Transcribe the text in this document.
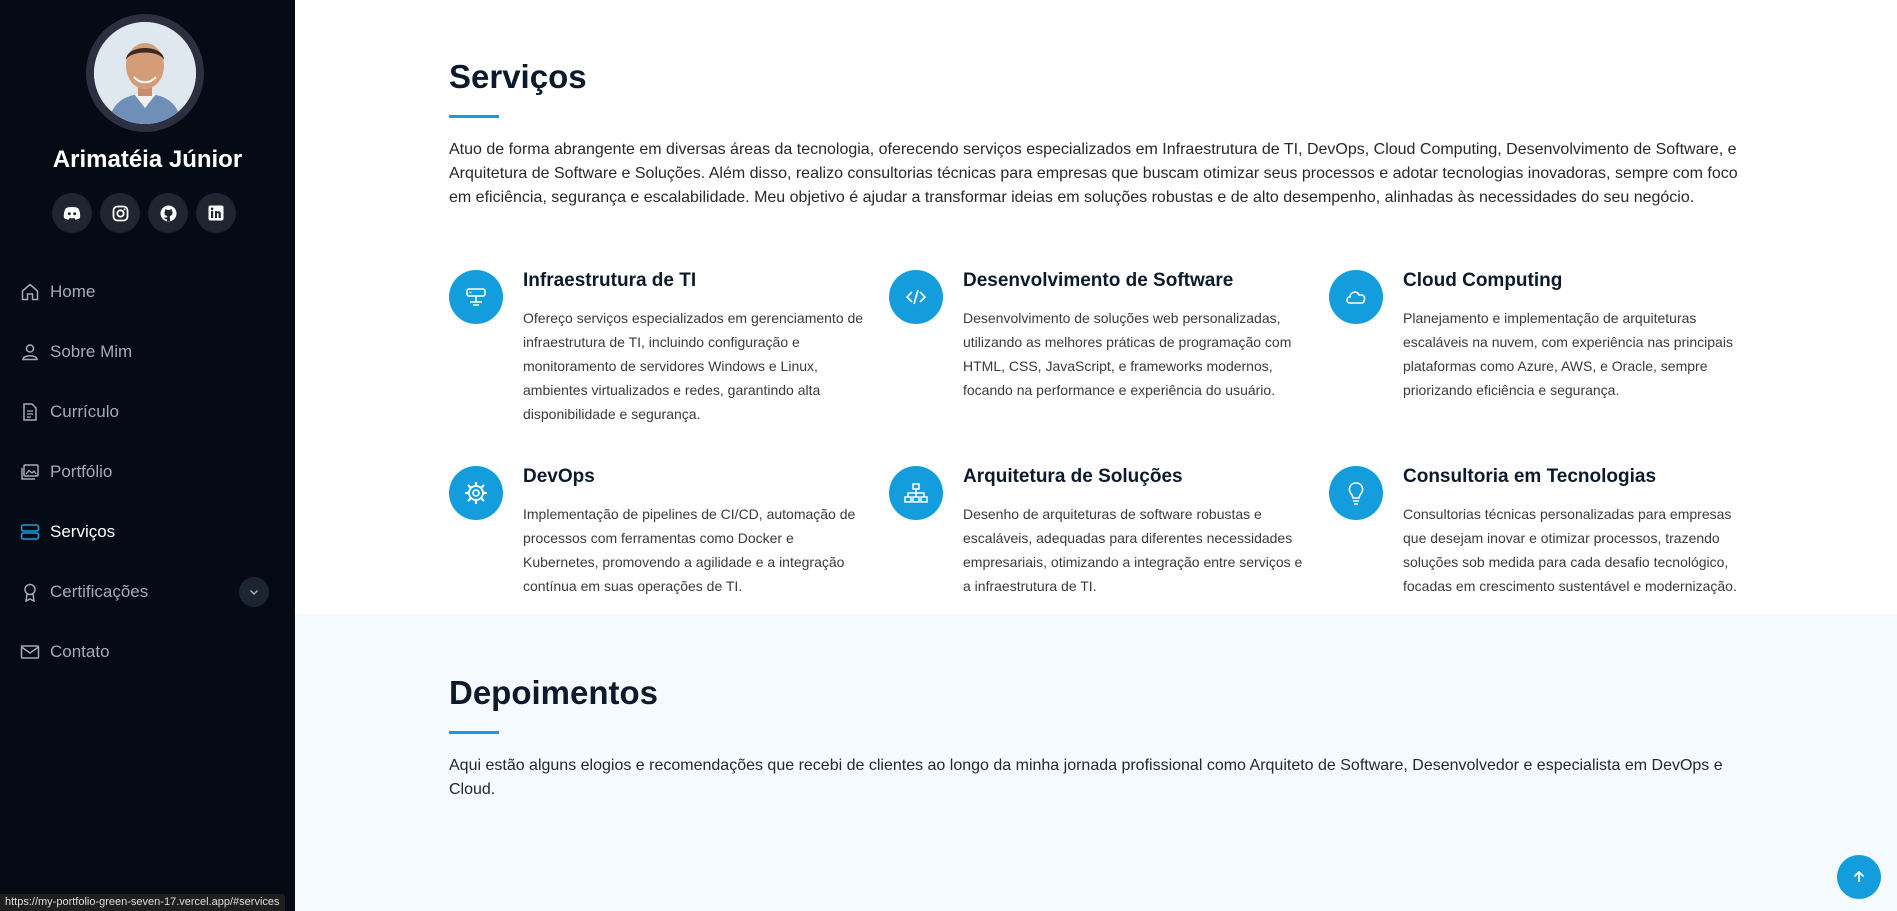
Arimatéia Júnior
Home
Sobre Mim
Currículo
Portfólio
Serviços
Certificações
Contato
Serviços

Atuo de forma abrangente em diversas áreas da tecnologia, oferecendo serviços especializados em Infraestrutura de TI, DevOps, Cloud Computing, Desenvolvimento de Software, e Arquitetura de Software e Soluções. Além disso, realizo consultorias técnicas para empresas que buscam otimizar seus processos e adotar tecnologias inovadoras, sempre com foco em eficiência, segurança e escalabilidade. Meu objetivo é ajudar a transformar ideias em soluções robustas e de alto desempenho, alinhadas às necessidades do seu negócio.

Infraestrutura de TI
Ofereço serviços especializados em gerenciamento de infraestrutura de TI, incluindo configuração e monitoramento de servidores Windows e Linux, ambientes virtualizados e redes, garantindo alta disponibilidade e segurança.
Desenvolvimento de Software
Desenvolvimento de soluções web personalizadas, utilizando as melhores práticas de programação com HTML, CSS, JavaScript, e frameworks modernos, focando na performance e experiência do usuário.
Cloud Computing
Planejamento e implementação de arquiteturas escaláveis na nuvem, com experiência nas principais plataformas como Azure, AWS, e Oracle, sempre priorizando eficiência e segurança.
DevOps
Implementação de pipelines de CI/CD, automação de processos com ferramentas como Docker e Kubernetes, promovendo a agilidade e a integração contínua em suas operações de TI.
Arquitetura de Soluções
Desenho de arquiteturas de software robustas e escaláveis, adequadas para diferentes necessidades empresariais, otimizando a integração entre serviços e a infraestrutura de TI.
Consultoria em Tecnologias
Consultorias técnicas personalizadas para empresas que desejam inovar e otimizar processos, trazendo soluções sob medida para cada desafio tecnológico, focadas em crescimento sustentável e modernização.
Depoimentos

Aqui estão alguns elogios e recomendações que recebi de clientes ao longo da minha jornada profissional como Arquiteto de Software, Desenvolvedor e especialista em DevOps e Cloud.

https://my-portfolio-green-seven-17.vercel.app/#services
